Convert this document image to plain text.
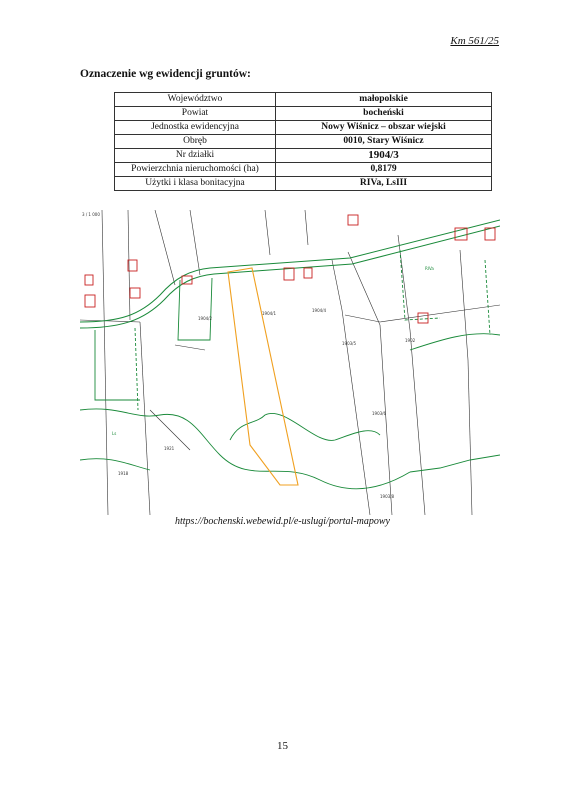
Km 561/25
Oznaczenie wg ewidencji gruntów:
Województwo	małopolskie
Powiat	bocheński
Jednostka ewidencyjna	Nowy Wiśnicz – obszar wiejski
Obręb	0010, Stary Wiśnicz
Nr działki	1904/3
Powierzchnia nieruchomości (ha)	0,8179
Użytki i klasa bonitacyjna	RIVa, LsIII
3 / 1 000
1904/1
1904/2
1904/4
1903/5
1903/6
1903/8
1902
1918
1921
Ls
RIVa
https://bochenski.webewid.pl/e-uslugi/portal-mapowy
15
